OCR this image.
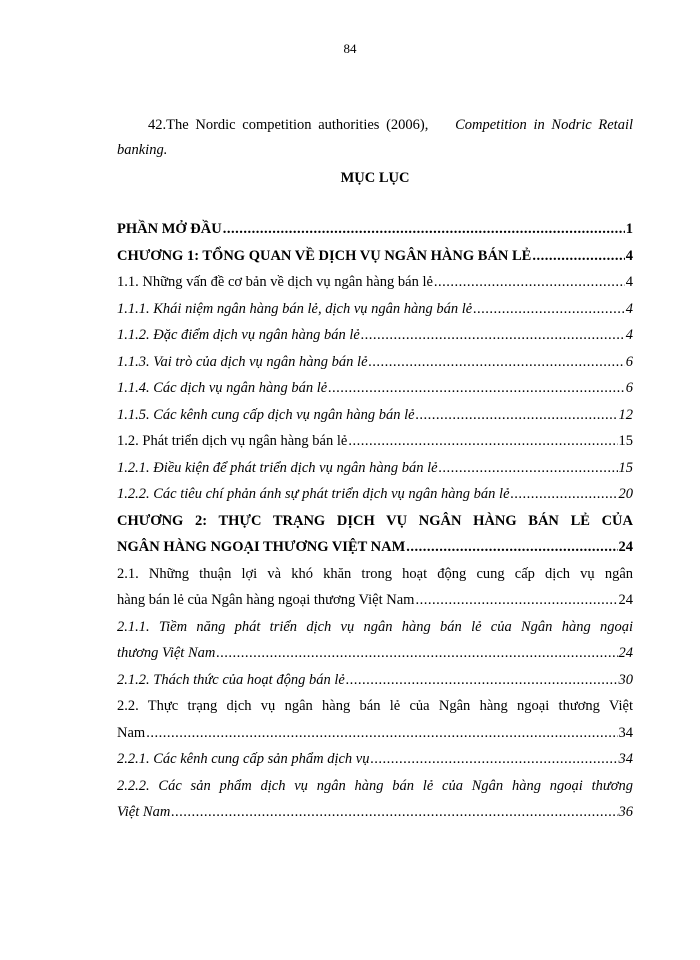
84
42.The Nordic competition authorities (2006), Competition in Nodric Retail banking.
MỤC LỤC
PHẦN MỞ ĐẦU .....	1
CHƯƠNG 1: TỔNG QUAN VỀ DỊCH VỤ NGÂN HÀNG BÁN LẺ .....	4
1.1. Những vấn đề cơ bản về dịch vụ ngân hàng bán lẻ .....	4
1.1.1. Khái niệm ngân hàng bán lẻ, dịch vụ ngân hàng bán lẻ .....	4
1.1.2. Đặc điểm dịch vụ ngân hàng bán lẻ .....	4
1.1.3. Vai trò của dịch vụ ngân hàng bán lẻ .....	6
1.1.4. Các dịch vụ ngân hàng bán lẻ .....	6
1.1.5. Các kênh cung cấp dịch vụ ngân hàng bán lẻ .....	12
1.2. Phát triển dịch vụ ngân hàng bán lẻ .....	15
1.2.1. Điều kiện để phát triển dịch vụ ngân hàng bán lẻ .....	15
1.2.2. Các tiêu chí phản ánh sự phát triển dịch vụ ngân hàng bán lẻ .....	20
CHƯƠNG 2: THỰC TRẠNG DỊCH VỤ NGÂN HÀNG BÁN LẺ CỦA
NGÂN HÀNG NGOẠI THƯƠNG VIỆT NAM .....	24
2.1. Những thuận lợi và khó khăn trong hoạt động cung cấp dịch vụ ngân
hàng bán lẻ của Ngân hàng ngoại thương Việt Nam .....	24
2.1.1. Tiềm năng phát triển dịch vụ ngân hàng bán lẻ của Ngân hàng ngoại
thương Việt Nam .....	24
2.1.2. Thách thức của hoạt động bán lẻ .....	30
2.2. Thực trạng dịch vụ ngân hàng bán lẻ của Ngân hàng ngoại thương Việt
Nam .....	34
2.2.1. Các kênh cung cấp sản phẩm dịch vụ .....	34
2.2.2. Các sản phẩm dịch vụ ngân hàng bán lẻ của Ngân hàng ngoại thương
Việt Nam .....	36
